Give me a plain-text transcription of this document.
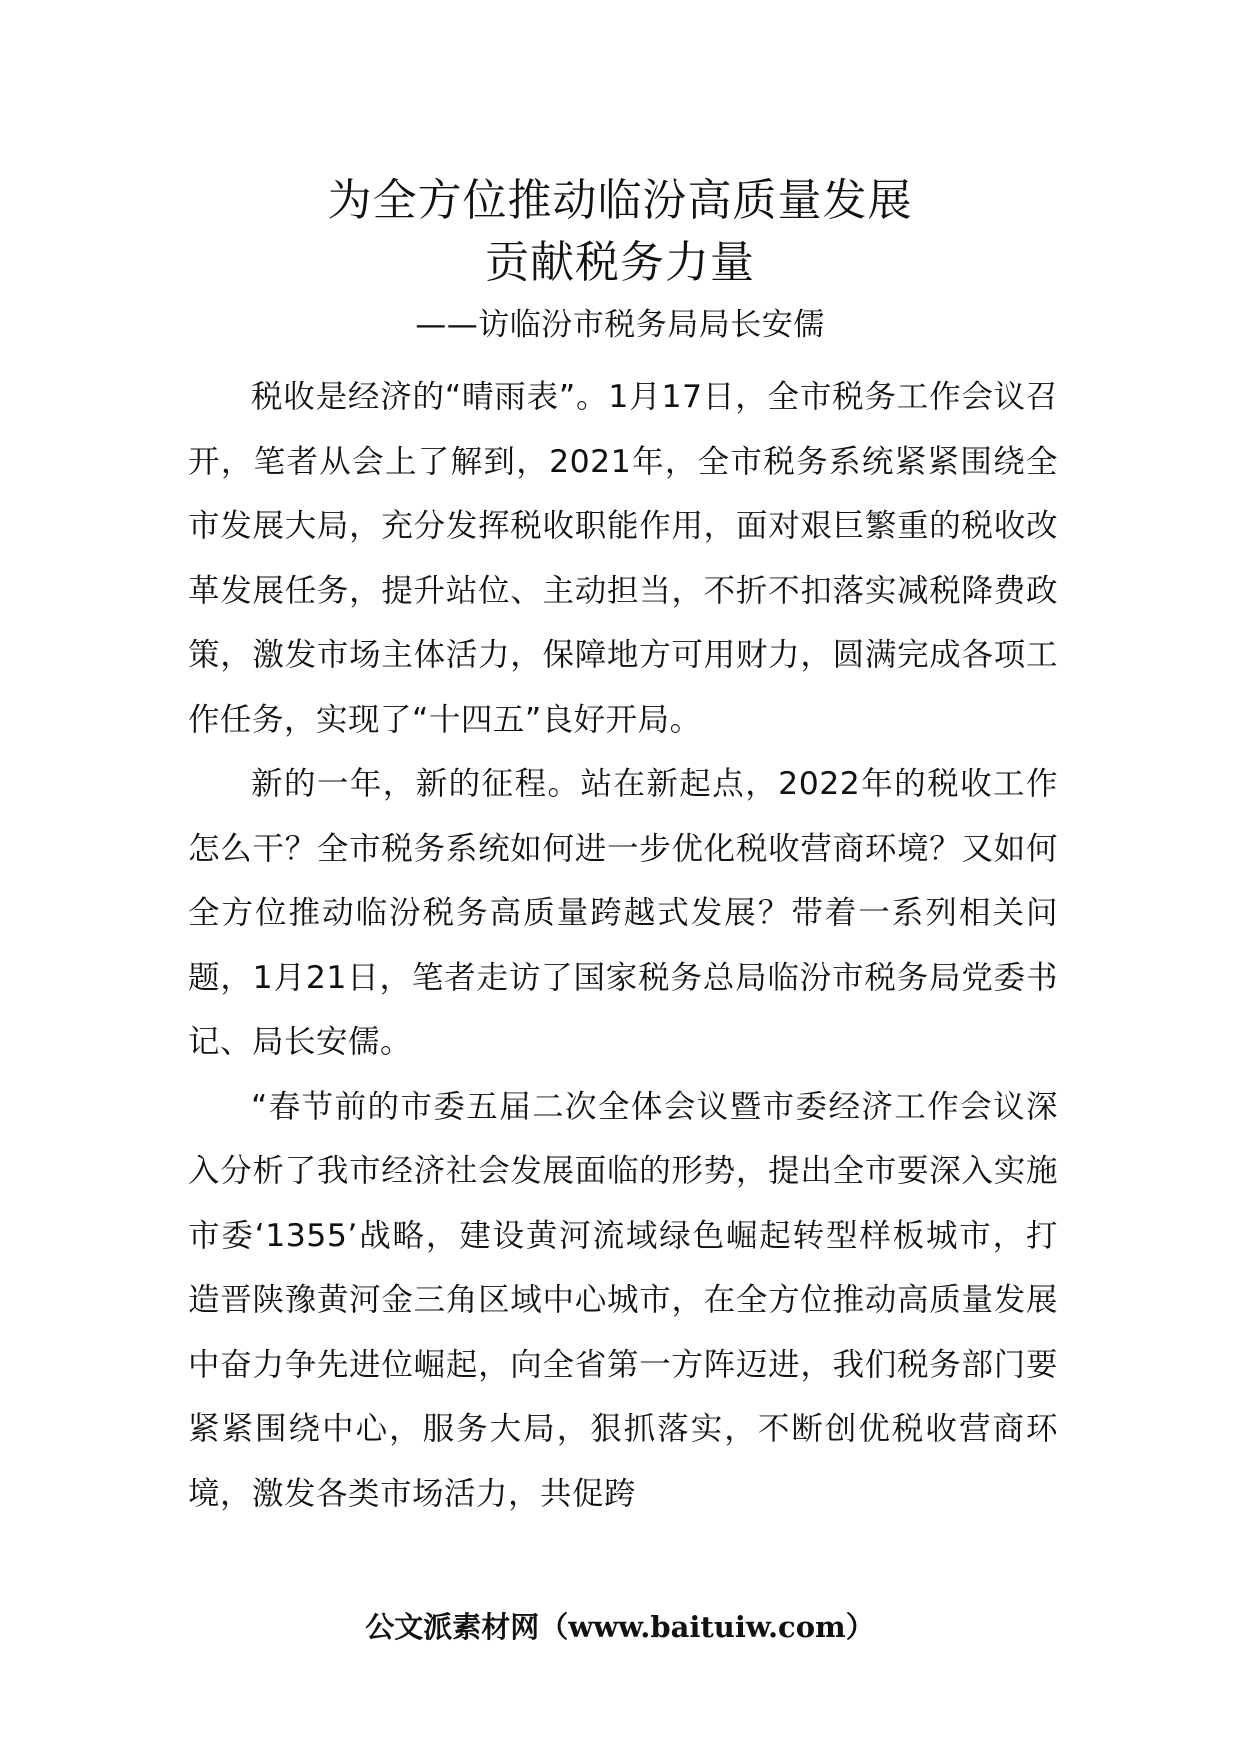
为全方位推动临汾高质量发展
贡献税务力量
——访临汾市税务局局长安儒

税收是经济的“晴雨表”。1月17日，全市税务工作会议召开，笔者从会上了解到，2021年，全市税务系统紧紧围绕全市发展大局，充分发挥税收职能作用，面对艰巨繁重的税收改革发展任务，提升站位、主动担当，不折不扣落实减税降费政策，激发市场主体活力，保障地方可用财力，圆满完成各项工作任务，实现了“十四五”良好开局。

新的一年，新的征程。站在新起点，2022年的税收工作怎么干？全市税务系统如何进一步优化税收营商环境？又如何全方位推动临汾税务高质量跨越式发展？带着一系列相关问题，1月21日，笔者走访了国家税务总局临汾市税务局党委书记、局长安儒。

“春节前的市委五届二次全体会议暨市委经济工作会议深入分析了我市经济社会发展面临的形势，提出全市要深入实施市委‘1355’战略，建设黄河流域绿色崛起转型样板城市，打造晋陕豫黄河金三角区域中心城市，在全方位推动高质量发展中奋力争先进位崛起，向全省第一方阵迈进，我们税务部门要紧紧围绕中心，服务大局，狠抓落实，不断创优税收营商环境，激发各类市场活力，共促跨

公文派素材网（www.baituiw.com）
